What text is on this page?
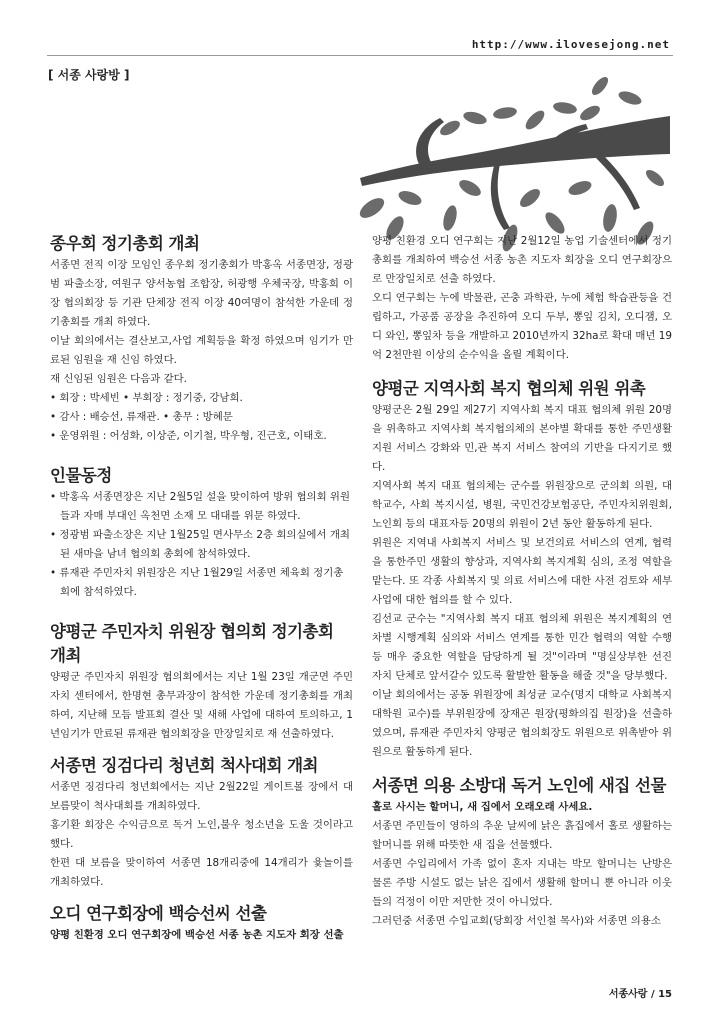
http://www.ilovesejong.net
[ 서종 사랑방 ]
종우회 정기총회 개최

서종면 전직 이장 모임인 종우회 정기총회가 박홍옥 서종면장, 정광범 파출소장, 여원구 양서농협 조합장, 허광행 우체국장, 박홍희 이장 협의회장 등 기관 단체장 전직 이장 40여명이 참석한 가운데 정기총회를 개최 하였다.

이날 회의에서는 결산보고,사업 계획등을 확정 하였으며 임기가 만료된 임원을 재 신임 하였다.

재 신임된 임원은 다음과 같다.

• 회장 : 박세빈 • 부회장 : 정기중, 강남희.
• 감사 : 배승선, 류재관. • 총무 : 방혜문
• 운영위원 : 어성화, 이상준, 이기철, 박우형, 진근호, 이태호.
인물동정
• 박홍옥 서종면장은 지난 2월5일 설을 맞이하여 방위 협의회 위원들과 자매 부대인 옥천면 소재 모 대대를 위문 하였다.
• 정광범 파출소장은 지난 1월25일 면사무소 2층 회의실에서 개최된 새마을 남녀 협의회 총회에 참석하였다.
• 류재관 주민자치 위원장은 지난 1월29일 서종면 체육회 정기총회에 참석하였다.
양평군 주민자치 위원장 협의회 정기총회 개최

양평군 주민자치 위원장 협의회에서는 지난 1월 23일 개군면 주민자치 센터에서, 한명현 총무과장이 참석한 가운데 정기총회를 개최하여, 지난해 모듬 발표회 결산 및 새해 사업에 대하여 토의하고, 1년임기가 만료된 류재관 협의회장을 만장일치로 재 선출하였다.

서종면 징검다리 청년회 척사대회 개최

서종면 징검다리 청년회에서는 지난 2월22일 게이트볼 장에서 대보름맞이 척사대회를 개최하였다.

홍기환 회장은 수익금으로 독거 노인,불우 청소년을 도울 것이라고 했다.

한편 대 보름을 맞이하여 서종면 18개리중에 14개리가 윷놀이를 개최하였다.

오디 연구회장에 백승선씨 선출

양평 친환경 오디 연구회장에 백승선 서종 농촌 지도자 회장 선출

양평 친환경 오디 연구회는 지난 2월12일 농업 기술센터에서 정기총회를 개최하여 백승선 서종 농촌 지도자 회장을 오디 연구회장으로 만장일치로 선출 하였다.

오디 연구회는 누에 박물관, 곤충 과학관, 누에 체험 학습관등을 건립하고, 가공품 공장을 추진하여 오디 두부, 뽕잎 김치, 오디잼, 오디 와인, 뽕잎차 등을 개발하고 2010년까지 32ha로 확대 매년 19억 2천만원 이상의 순수익을 올릴 계획이다.

양평군 지역사회 복지 협의체 위원 위촉

양평군은 2월 29일 제27기 지역사회 복지 대표 협의체 위원 20명을 위촉하고 지역사회 복지협의체의 본야별 확대를 통한 주민생활 지원 서비스 강화와 민,관 복지 서비스 참여의 기반을 다지기로 했다.

지역사회 복지 대표 협의체는 군수를 위원장으로 군의회 의원, 대학교수, 사회 복지시설, 병원, 국민건강보험공단, 주민자치위원회, 노인회 등의 대표자등 20명의 위원이 2년 동안 활동하게 된다.

위원은 지역내 사회복지 서비스 및 보건의료 서비스의 연계, 협력을 통한주민 생활의 향상과, 지역사회 복지계획 심의, 조정 역할을 맡는다. 또 각종 사회복지 및 의료 서비스에 대한 사전 검토와 세부 사업에 대한 협의를 할 수 있다.

김선교 군수는 "지역사회 복지 대표 협의체 위원은 복지계획의 연차별 시행계획 심의와 서비스 연계를 통한 민간 협력의 역할 수행 등 매우 중요한 역할을 담당하게 될 것"이라며 "명실상부한 선진 자치 단체로 앞서갈수 있도록 활발한 활동을 해줄 것"을 당부했다.

이날 회의에서는 공동 위원장에 최성균 교수(명지 대학교 사회복지 대학원 교수)를 부위원장에 장재곤 원장(평화의집 원장)을 선출하였으며, 류재관 주민자치 양평군 협의회장도 위원으로 위촉받아 위원으로 활동하게 된다.

서종면 의용 소방대 독거 노인에 새집 선물

홀로 사시는 할머니, 새 집에서 오래오래 사세요.

서종면 주민들이 영하의 추운 날씨에 낡은 흙집에서 홀로 생활하는 할머니를 위해 따뜻한 새 집을 선물했다.

서종면 수입리에서 가족 없이 혼자 지내는 박모 할머니는 난방은 물론 주방 시설도 없는 낡은 집에서 생활해 할머니 뿐 아니라 이웃들의 걱정이 이만 저만한 것이 아니었다.

그러던중 서종면 수입교회(당회장 서인철 목사)와 서종면 의용소

서종사랑 / 15
